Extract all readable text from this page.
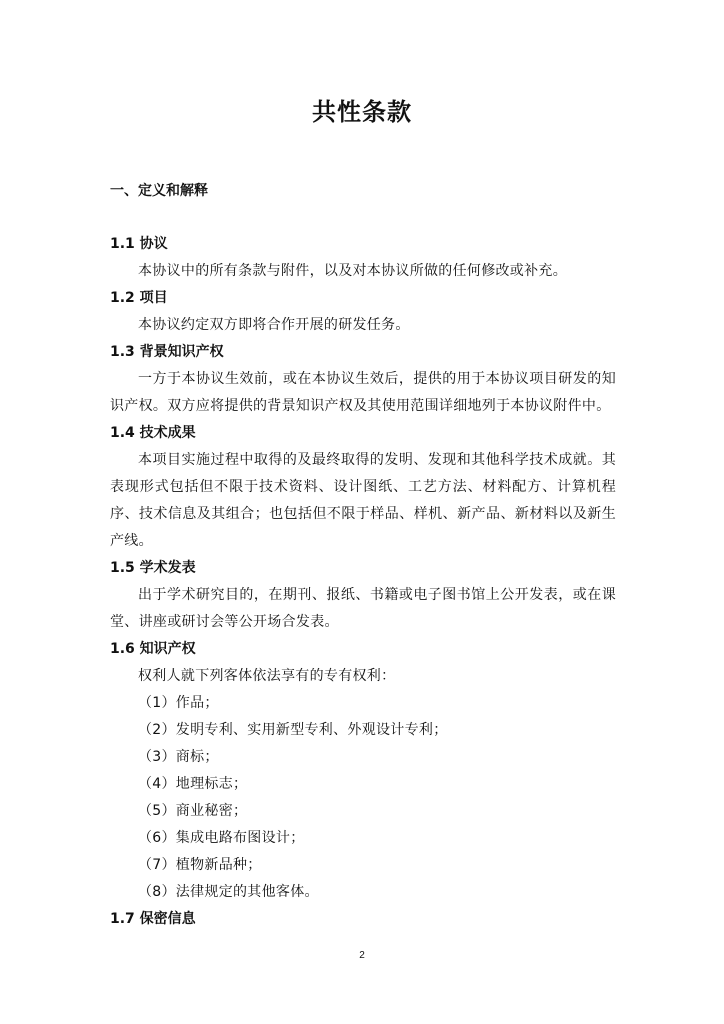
共性条款

一、定义和解释

1.1 协议

本协议中的所有条款与附件，以及对本协议所做的任何修改或补充。

1.2 项目

本协议约定双方即将合作开展的研发任务。

1.3 背景知识产权

一方于本协议生效前，或在本协议生效后，提供的用于本协议项目研发的知识产权。双方应将提供的背景知识产权及其使用范围详细地列于本协议附件中。

1.4 技术成果

本项目实施过程中取得的及最终取得的发明、发现和其他科学技术成就。其表现形式包括但不限于技术资料、设计图纸、工艺方法、材料配方、计算机程序、技术信息及其组合；也包括但不限于样品、样机、新产品、新材料以及新生产线。

1.5 学术发表

出于学术研究目的，在期刊、报纸、书籍或电子图书馆上公开发表，或在课堂、讲座或研讨会等公开场合发表。

1.6 知识产权

权利人就下列客体依法享有的专有权利：

（1）作品；

（2）发明专利、实用新型专利、外观设计专利；

（3）商标；

（4）地理标志；

（5）商业秘密；

（6）集成电路布图设计；

（7）植物新品种；

（8）法律规定的其他客体。

1.7 保密信息

2
